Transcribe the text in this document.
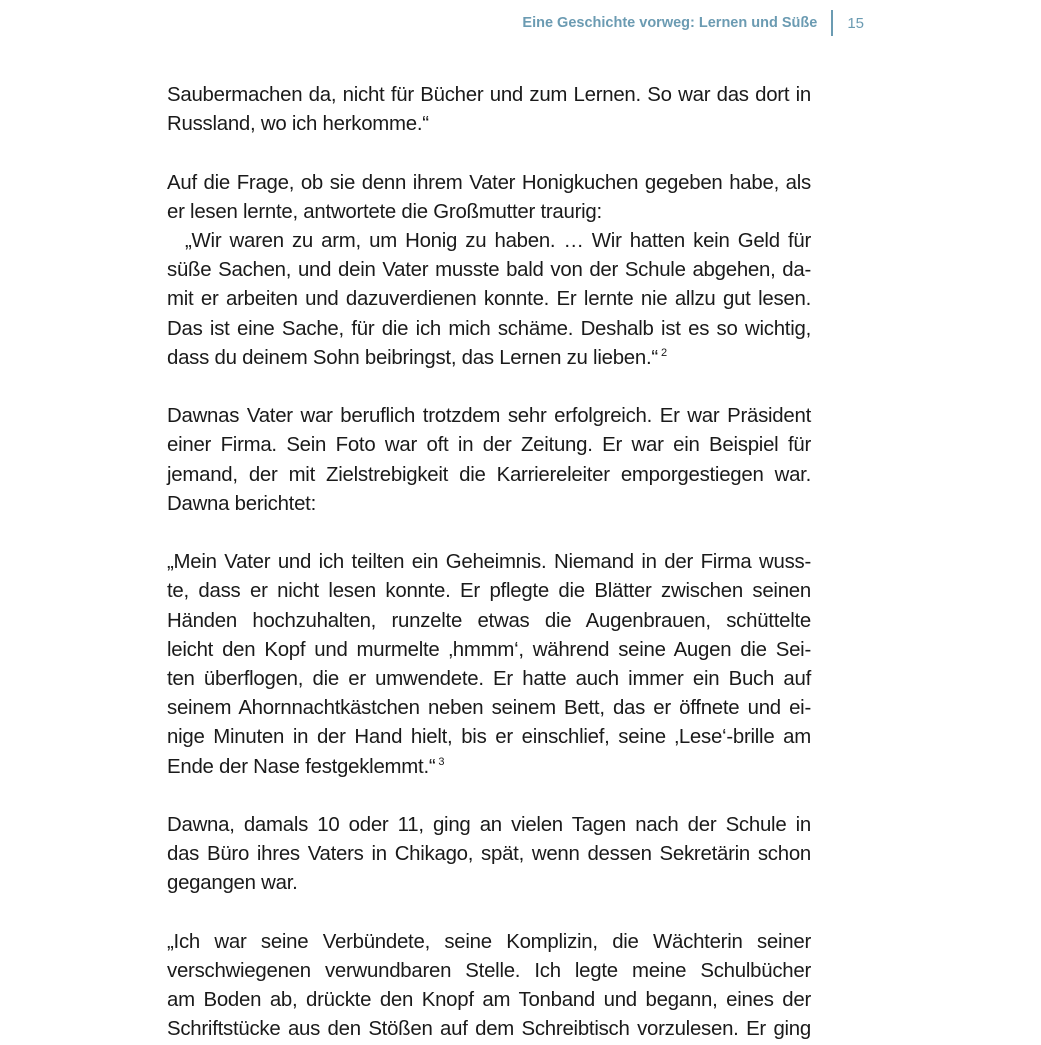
Eine Geschichte vorweg: Lernen und Süße 15

Saubermachen da, nicht für Bücher und zum Lernen. So war das dort in
Russland, wo ich herkomme.“

Auf die Frage, ob sie denn ihrem Vater Honigkuchen gegeben habe, als
er lesen lernte, antwortete die Großmutter traurig:
„Wir waren zu arm, um Honig zu haben. … Wir hatten kein Geld für
süße Sachen, und dein Vater musste bald von der Schule abgehen, da-
mit er arbeiten und dazuverdienen konnte. Er lernte nie allzu gut lesen.
Das ist eine Sache, für die ich mich schäme. Deshalb ist es so wichtig,
dass du deinem Sohn beibringst, das Lernen zu lieben.“ $^2$

Dawnas Vater war beruflich trotzdem sehr erfolgreich. Er war Präsident
einer Firma. Sein Foto war oft in der Zeitung. Er war ein Beispiel für
jemand, der mit Zielstrebigkeit die Karriereleiter emporgestiegen war.
Dawna berichtet:

„Mein Vater und ich teilten ein Geheimnis. Niemand in der Firma wuss-
te, dass er nicht lesen konnte. Er pflegte die Blätter zwischen seinen
Händen hochzuhalten, runzelte etwas die Augenbrauen, schüttelte
leicht den Kopf und murmelte ‚hmmm‘, während seine Augen die Sei-
ten überflogen, die er umwendete. Er hatte auch immer ein Buch auf
seinem Ahornnachtkästchen neben seinem Bett, das er öffnete und ei-
nige Minuten in der Hand hielt, bis er einschlief, seine ‚Lese‘-brille am
Ende der Nase festgeklemmt.“ $^3$

Dawna, damals 10 oder 11, ging an vielen Tagen nach der Schule in
das Büro ihres Vaters in Chikago, spät, wenn dessen Sekretärin schon
gegangen war.

„Ich war seine Verbündete, seine Komplizin, die Wächterin seiner
verschwiegenen verwundbaren Stelle. Ich legte meine Schulbücher
am Boden ab, drückte den Knopf am Tonband und begann, eines der
Schriftstücke aus den Stößen auf dem Schreibtisch vorzulesen. Er ging
